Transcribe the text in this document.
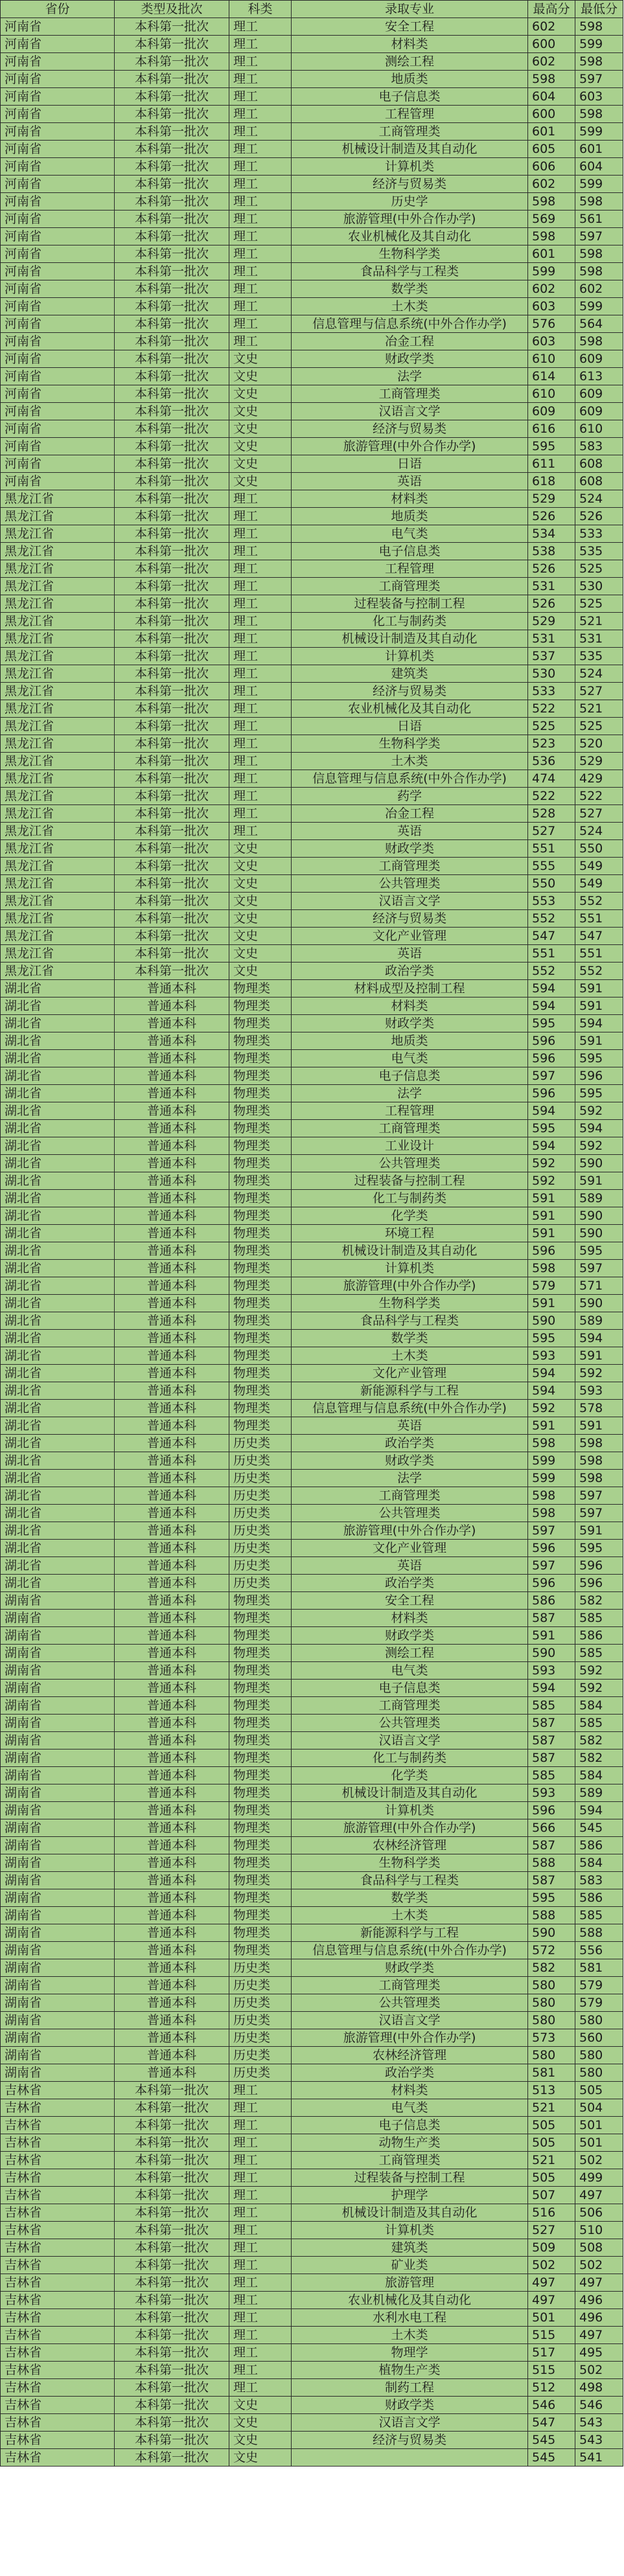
省份	类型及批次	科类	录取专业	最高分	最低分
河南省	本科第一批次	理工	安全工程	602	598
河南省	本科第一批次	理工	材料类	600	599
河南省	本科第一批次	理工	测绘工程	602	598
河南省	本科第一批次	理工	地质类	598	597
河南省	本科第一批次	理工	电子信息类	604	603
河南省	本科第一批次	理工	工程管理	600	598
河南省	本科第一批次	理工	工商管理类	601	599
河南省	本科第一批次	理工	机械设计制造及其自动化	605	601
河南省	本科第一批次	理工	计算机类	606	604
河南省	本科第一批次	理工	经济与贸易类	602	599
河南省	本科第一批次	理工	历史学	598	598
河南省	本科第一批次	理工	旅游管理(中外合作办学)	569	561
河南省	本科第一批次	理工	农业机械化及其自动化	598	597
河南省	本科第一批次	理工	生物科学类	601	598
河南省	本科第一批次	理工	食品科学与工程类	599	598
河南省	本科第一批次	理工	数学类	602	602
河南省	本科第一批次	理工	土木类	603	599
河南省	本科第一批次	理工	信息管理与信息系统(中外合作办学)	576	564
河南省	本科第一批次	理工	冶金工程	603	598
河南省	本科第一批次	文史	财政学类	610	609
河南省	本科第一批次	文史	法学	614	613
河南省	本科第一批次	文史	工商管理类	610	609
河南省	本科第一批次	文史	汉语言文学	609	609
河南省	本科第一批次	文史	经济与贸易类	616	610
河南省	本科第一批次	文史	旅游管理(中外合作办学)	595	583
河南省	本科第一批次	文史	日语	611	608
河南省	本科第一批次	文史	英语	618	608
黑龙江省	本科第一批次	理工	材料类	529	524
黑龙江省	本科第一批次	理工	地质类	526	526
黑龙江省	本科第一批次	理工	电气类	534	533
黑龙江省	本科第一批次	理工	电子信息类	538	535
黑龙江省	本科第一批次	理工	工程管理	526	525
黑龙江省	本科第一批次	理工	工商管理类	531	530
黑龙江省	本科第一批次	理工	过程装备与控制工程	526	525
黑龙江省	本科第一批次	理工	化工与制药类	529	521
黑龙江省	本科第一批次	理工	机械设计制造及其自动化	531	531
黑龙江省	本科第一批次	理工	计算机类	537	535
黑龙江省	本科第一批次	理工	建筑类	530	524
黑龙江省	本科第一批次	理工	经济与贸易类	533	527
黑龙江省	本科第一批次	理工	农业机械化及其自动化	522	521
黑龙江省	本科第一批次	理工	日语	525	525
黑龙江省	本科第一批次	理工	生物科学类	523	520
黑龙江省	本科第一批次	理工	土木类	536	529
黑龙江省	本科第一批次	理工	信息管理与信息系统(中外合作办学)	474	429
黑龙江省	本科第一批次	理工	药学	522	522
黑龙江省	本科第一批次	理工	冶金工程	528	527
黑龙江省	本科第一批次	理工	英语	527	524
黑龙江省	本科第一批次	文史	财政学类	551	550
黑龙江省	本科第一批次	文史	工商管理类	555	549
黑龙江省	本科第一批次	文史	公共管理类	550	549
黑龙江省	本科第一批次	文史	汉语言文学	553	552
黑龙江省	本科第一批次	文史	经济与贸易类	552	551
黑龙江省	本科第一批次	文史	文化产业管理	547	547
黑龙江省	本科第一批次	文史	英语	551	551
黑龙江省	本科第一批次	文史	政治学类	552	552
湖北省	普通本科	物理类	材料成型及控制工程	594	591
湖北省	普通本科	物理类	材料类	594	591
湖北省	普通本科	物理类	财政学类	595	594
湖北省	普通本科	物理类	地质类	596	591
湖北省	普通本科	物理类	电气类	596	595
湖北省	普通本科	物理类	电子信息类	597	596
湖北省	普通本科	物理类	法学	596	595
湖北省	普通本科	物理类	工程管理	594	592
湖北省	普通本科	物理类	工商管理类	595	594
湖北省	普通本科	物理类	工业设计	594	592
湖北省	普通本科	物理类	公共管理类	592	590
湖北省	普通本科	物理类	过程装备与控制工程	592	591
湖北省	普通本科	物理类	化工与制药类	591	589
湖北省	普通本科	物理类	化学类	591	590
湖北省	普通本科	物理类	环境工程	591	590
湖北省	普通本科	物理类	机械设计制造及其自动化	596	595
湖北省	普通本科	物理类	计算机类	598	597
湖北省	普通本科	物理类	旅游管理(中外合作办学)	579	571
湖北省	普通本科	物理类	生物科学类	591	590
湖北省	普通本科	物理类	食品科学与工程类	590	589
湖北省	普通本科	物理类	数学类	595	594
湖北省	普通本科	物理类	土木类	593	591
湖北省	普通本科	物理类	文化产业管理	594	592
湖北省	普通本科	物理类	新能源科学与工程	594	593
湖北省	普通本科	物理类	信息管理与信息系统(中外合作办学)	592	578
湖北省	普通本科	物理类	英语	591	591
湖北省	普通本科	历史类	政治学类	598	598
湖北省	普通本科	历史类	财政学类	599	598
湖北省	普通本科	历史类	法学	599	598
湖北省	普通本科	历史类	工商管理类	598	597
湖北省	普通本科	历史类	公共管理类	598	597
湖北省	普通本科	历史类	旅游管理(中外合作办学)	597	591
湖北省	普通本科	历史类	文化产业管理	596	595
湖北省	普通本科	历史类	英语	597	596
湖北省	普通本科	历史类	政治学类	596	596
湖南省	普通本科	物理类	安全工程	586	582
湖南省	普通本科	物理类	材料类	587	585
湖南省	普通本科	物理类	财政学类	591	586
湖南省	普通本科	物理类	测绘工程	590	585
湖南省	普通本科	物理类	电气类	593	592
湖南省	普通本科	物理类	电子信息类	594	592
湖南省	普通本科	物理类	工商管理类	585	584
湖南省	普通本科	物理类	公共管理类	587	585
湖南省	普通本科	物理类	汉语言文学	587	582
湖南省	普通本科	物理类	化工与制药类	587	582
湖南省	普通本科	物理类	化学类	585	584
湖南省	普通本科	物理类	机械设计制造及其自动化	593	589
湖南省	普通本科	物理类	计算机类	596	594
湖南省	普通本科	物理类	旅游管理(中外合作办学)	566	545
湖南省	普通本科	物理类	农林经济管理	587	586
湖南省	普通本科	物理类	生物科学类	588	584
湖南省	普通本科	物理类	食品科学与工程类	587	583
湖南省	普通本科	物理类	数学类	595	586
湖南省	普通本科	物理类	土木类	588	585
湖南省	普通本科	物理类	新能源科学与工程	590	588
湖南省	普通本科	物理类	信息管理与信息系统(中外合作办学)	572	556
湖南省	普通本科	历史类	财政学类	582	581
湖南省	普通本科	历史类	工商管理类	580	579
湖南省	普通本科	历史类	公共管理类	580	579
湖南省	普通本科	历史类	汉语言文学	580	580
湖南省	普通本科	历史类	旅游管理(中外合作办学)	573	560
湖南省	普通本科	历史类	农林经济管理	580	580
湖南省	普通本科	历史类	政治学类	581	580
吉林省	本科第一批次	理工	材料类	513	505
吉林省	本科第一批次	理工	电气类	521	504
吉林省	本科第一批次	理工	电子信息类	505	501
吉林省	本科第一批次	理工	动物生产类	505	501
吉林省	本科第一批次	理工	工商管理类	521	502
吉林省	本科第一批次	理工	过程装备与控制工程	505	499
吉林省	本科第一批次	理工	护理学	507	497
吉林省	本科第一批次	理工	机械设计制造及其自动化	516	506
吉林省	本科第一批次	理工	计算机类	527	510
吉林省	本科第一批次	理工	建筑类	509	508
吉林省	本科第一批次	理工	矿业类	502	502
吉林省	本科第一批次	理工	旅游管理	497	497
吉林省	本科第一批次	理工	农业机械化及其自动化	497	496
吉林省	本科第一批次	理工	水利水电工程	501	496
吉林省	本科第一批次	理工	土木类	515	497
吉林省	本科第一批次	理工	物理学	517	495
吉林省	本科第一批次	理工	植物生产类	515	502
吉林省	本科第一批次	理工	制药工程	512	498
吉林省	本科第一批次	文史	财政学类	546	546
吉林省	本科第一批次	文史	汉语言文学	547	543
吉林省	本科第一批次	文史	经济与贸易类	545	543
吉林省	本科第一批次	文史		545	541
